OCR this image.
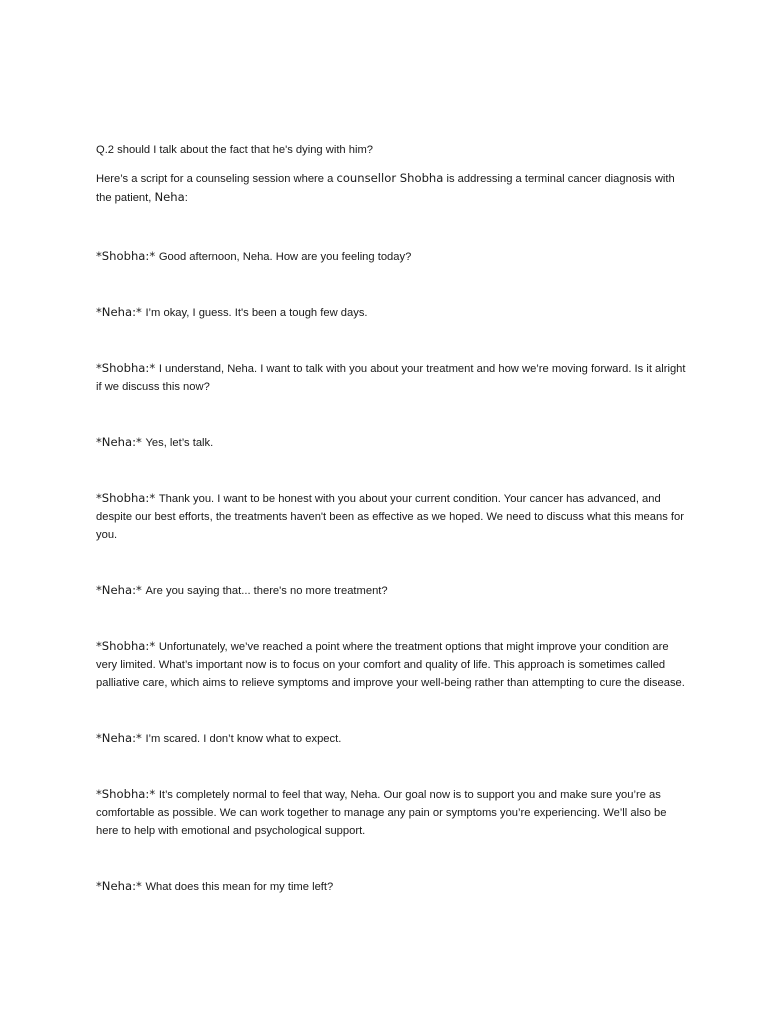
Q.2 should I talk about the fact that he's dying with him?

Here’s a script for a counseling session where a counsellor Shobha is addressing a terminal cancer diagnosis with the patient, Neha:

*Shobha:* Good afternoon, Neha. How are you feeling today?

*Neha:* I’m okay, I guess. It's been a tough few days.

*Shobha:* I understand, Neha. I want to talk with you about your treatment and how we’re moving forward. Is it alright if we discuss this now?

*Neha:* Yes, let’s talk.

*Shobha:* Thank you. I want to be honest with you about your current condition. Your cancer has advanced, and despite our best efforts, the treatments haven't been as effective as we hoped. We need to discuss what this means for you.

*Neha:* Are you saying that... there's no more treatment?

*Shobha:* Unfortunately, we’ve reached a point where the treatment options that might improve your condition are very limited. What’s important now is to focus on your comfort and quality of life. This approach is sometimes called palliative care, which aims to relieve symptoms and improve your well-being rather than attempting to cure the disease.

*Neha:* I’m scared. I don’t know what to expect.

*Shobha:* It’s completely normal to feel that way, Neha. Our goal now is to support you and make sure you’re as comfortable as possible. We can work together to manage any pain or symptoms you’re experiencing. We’ll also be here to help with emotional and psychological support.

*Neha:* What does this mean for my time left?
